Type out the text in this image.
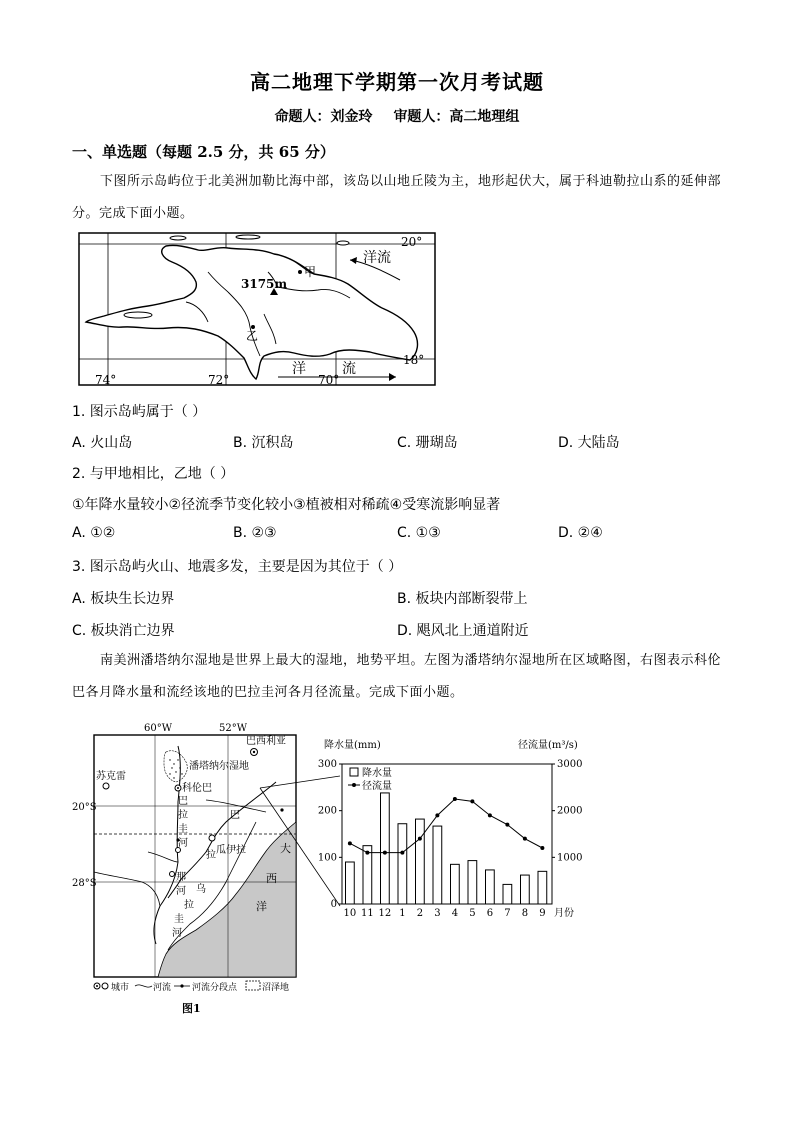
高二地理下学期第一次月考试题
命题人：刘金玲 审题人：高二地理组
一、单选题（每题 2.5 分，共 65 分）
下图所示岛屿位于北美洲加勒比海中部，该岛以山地丘陵为主，地形起伏大，属于科迪勒拉山系的延伸部分。完成下面小题。
3175m
甲
乙
洋流
洋	流
20°
18°
74°	72°	70°
1. 图示岛屿属于（ ）
A. 火山岛	B. 沉积岛	C. 珊瑚岛	D. 大陆岛
2. 与甲地相比，乙地（ ）
①年降水量较小②径流季节变化较小③植被相对稀疏④受寒流影响显著
A. ①②	B. ②③	C. ①③	D. ②④
3. 图示岛屿火山、地震多发，主要是因为其位于（ ）
A. 板块生长边界	B. 板块内部断裂带上
C. 板块消亡边界	D. 飓风北上通道附近
南美洲潘塔纳尔湿地是世界上最大的湿地，地势平坦。左图为潘塔纳尔湿地所在区域略图，右图表示科伦巴各月降水量和流经该地的巴拉圭河各月径流量。完成下面小题。
60°W	52°W
20°S
28°S
巴西利亚
苏克雷
科伦巴
潘塔纳尔湿地
瓜伊拉
巴
拉
圭
河
巴
拉
那
河 乌
拉
圭
河
大
西
洋
城市	河流 河流分段点	沼泽地
图1
降水量(mm)	径流量(m³/s)
0
100
200
300
1000
2000
3000
10 11 12 1 2 3 4 5 6 7 8 9 月份
降水量
径流量
